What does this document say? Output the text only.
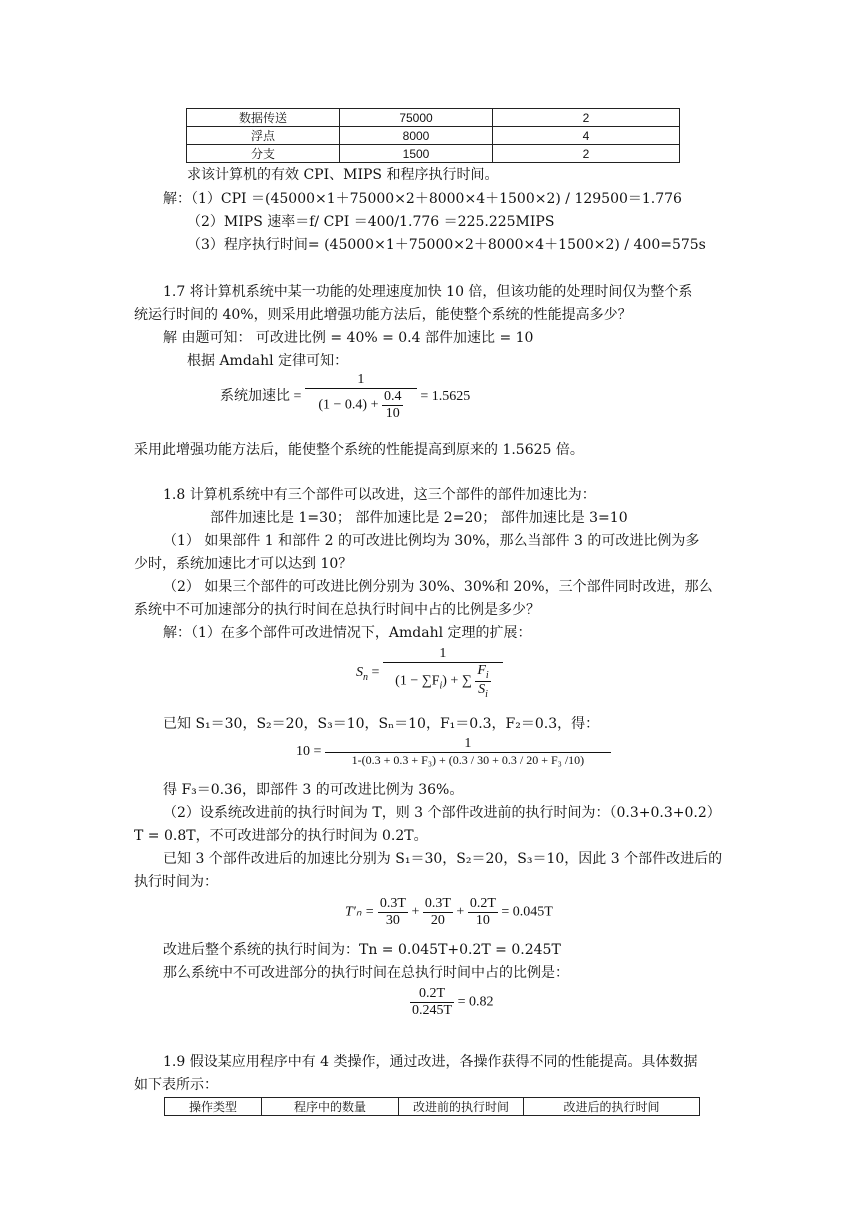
数据传送	75000	2
浮点	8000	4
分支	1500	2
求该计算机的有效 CPI、MIPS 和程序执行时间。
解：（1）CPI ＝(45000×1＋75000×2＋8000×4＋1500×2) / 129500＝1.776
（2）MIPS 速率＝f/ CPI ＝400/1.776 ＝225.225MIPS
（3）程序执行时间= (45000×1＋75000×2＋8000×4＋1500×2) / 400=575s
1.7 将计算机系统中某一功能的处理速度加快 10 倍，但该功能的处理时间仅为整个系
统运行时间的 40%，则采用此增强功能方法后，能使整个系统的性能提高多少？
解 由题可知： 可改进比例 = 40% = 0.4 部件加速比 = 10
根据 Amdahl 定律可知：
系统加速比 = $\frac{1}{(1 - 0.4) + \frac{0.4}{10}} = 1.5625$
采用此增强功能方法后，能使整个系统的性能提高到原来的 1.5625 倍。
1.8 计算机系统中有三个部件可以改进，这三个部件的部件加速比为：
部件加速比是 1=30； 部件加速比是 2=20； 部件加速比是 3=10
（1） 如果部件 1 和部件 2 的可改进比例均为 30%，那么当部件 3 的可改进比例为多
少时，系统加速比才可以达到 10？
（2） 如果三个部件的可改进比例分别为 30%、30%和 20%，三个部件同时改进，那么
系统中不可加速部分的执行时间在总执行时间中占的比例是多少？
解：（1）在多个部件可改进情况下，Amdahl 定理的扩展：
$S_n = \frac{1}{(1 - \sum F_i) + \sum \frac{F_i}{S_i}}$
已知 S₁＝30，S₂＝20，S₃＝10，Sₙ＝10，F₁＝0.3，F₂＝0.3，得：
$10 = \frac{1}{\text{1-(0.3 + 0.3 + F₃) + (0.3 / 30 + 0.3 / 20 + F₃ /10)}}$
得 F₃＝0.36，即部件 3 的可改进比例为 36%。
（2）设系统改进前的执行时间为 T，则 3 个部件改进前的执行时间为：（0.3+0.3+0.2）
T = 0.8T，不可改进部分的执行时间为 0.2T。
已知 3 个部件改进后的加速比分别为 S₁＝30，S₂＝20，S₃＝10，因此 3 个部件改进后的
执行时间为：
$T'_n = \frac{0.3T}{30} + \frac{0.3T}{20} + \frac{0.2T}{10} = 0.045T$
改进后整个系统的执行时间为：Tn = 0.045T+0.2T = 0.245T
那么系统中不可改进部分的执行时间在总执行时间中占的比例是：
$\frac{0.2T}{0.245T} = 0.82$
1.9 假设某应用程序中有 4 类操作，通过改进，各操作获得不同的性能提高。具体数据
如下表所示：
操作类型	程序中的数量	改进前的执行时间	改进后的执行时间
